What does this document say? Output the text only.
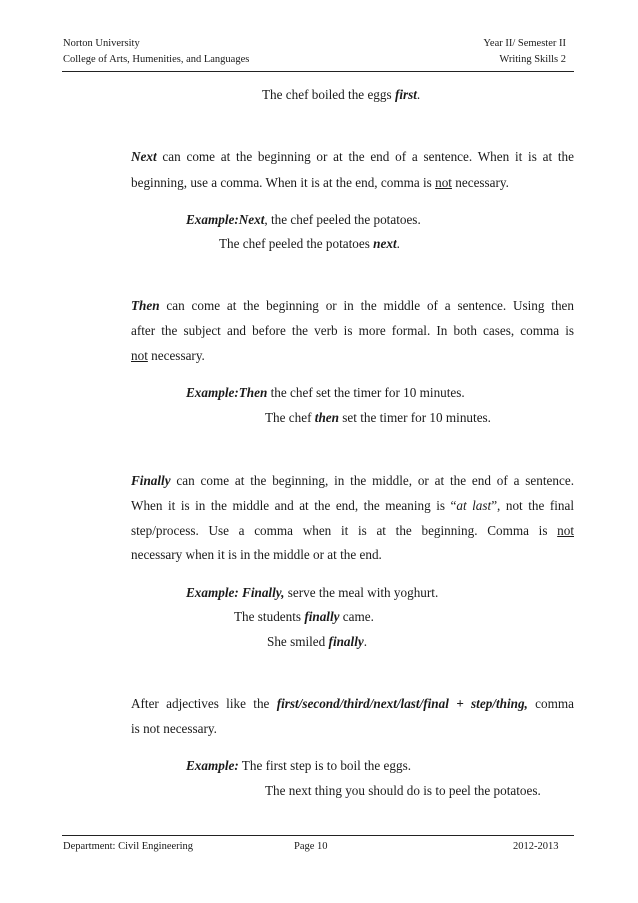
Norton University
College of Arts, Humenities, and Languages
Year II/ Semester II
Writing Skills 2
The chef boiled the eggs first.
Next can come at the beginning or at the end of a sentence. When it is at the
beginning, use a comma. When it is at the end, comma is not necessary.
Example:Next, the chef peeled the potatoes.
The chef peeled the potatoes next.
Then can come at the beginning or in the middle of a sentence. Using then
after the subject and before the verb is more formal. In both cases, comma is
not necessary.
Example:Then the chef set the timer for 10 minutes.
The chef then set the timer for 10 minutes.
Finally can come at the beginning, in the middle, or at the end of a sentence.
When it is in the middle and at the end, the meaning is “at last”, not the final
step/process. Use a comma when it is at the beginning. Comma is not
necessary when it is in the middle or at the end.
Example: Finally, serve the meal with yoghurt.
The students finally came.
She smiled finally.
After adjectives like the first/second/third/next/last/final + step/thing, comma
is not necessary.
Example: The first step is to boil the eggs.
The next thing you should do is to peel the potatoes.
Department: Civil Engineering	Page 10	2012-2013
